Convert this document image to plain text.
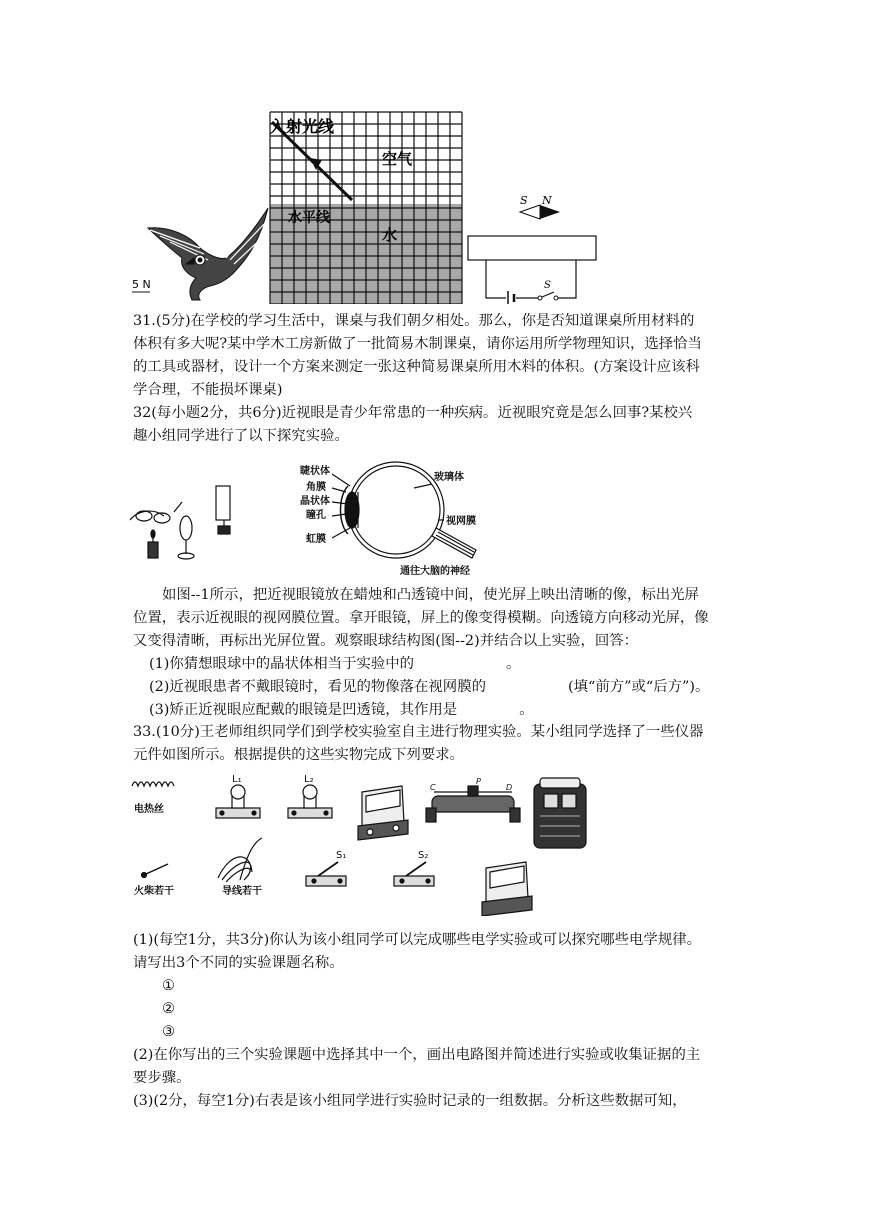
5 N
入射光线
空气
水平线
水
S N
S
31.(5分)在学校的学习生活中，课桌与我们朝夕相处。那么，你是否知道课桌所用材料的
体积有多大呢?某中学木工房新做了一批简易木制课桌，请你运用所学物理知识，选择恰当
的工具或器材，设计一个方案来测定一张这种简易课桌所用木料的体积。(方案设计应该科
学合理，不能损坏课桌)
32(每小题2分，共6分)近视眼是青少年常患的一种疾病。近视眼究竟是怎么回事?某校兴
趣小组同学进行了以下探究实验。
睫状体
角膜
晶状体
瞳孔
虹膜
玻璃体
视网膜
通往大脑的神经
如图--1所示，把近视眼镜放在蜡烛和凸透镜中间，使光屏上映出清晰的像，标出光屏
位置，表示近视眼的视网膜位置。拿开眼镜，屏上的像变得模糊。向透镜方向移动光屏，像
又变得清晰，再标出光屏位置。观察眼球结构图(图--2)并结合以上实验，回答：
(1)你猜想眼球中的晶状体相当于实验中的	。
(2)近视眼患者不戴眼镜时，看见的物像落在视网膜的	(填“前方”或“后方”)。
(3)矫正近视眼应配戴的眼镜是凹透镜，其作用是	。
33.(10分)王老师组织同学们到学校实验室自主进行物理实验。某小组同学选择了一些仪器
元件如图所示。根据提供的这些实物完成下列要求。
电热丝
L₁	L₂
C
P
D
火柴若干	导线若干
S₁	S₂
(1)(每空1分，共3分)你认为该小组同学可以完成哪些电学实验或可以探究哪些电学规律。
请写出3个不同的实验课题名称。
①
②
③
(2)在你写出的三个实验课题中选择其中一个，画出电路图并简述进行实验或收集证据的主
要步骤。
(3)(2分，每空1分)右表是该小组同学进行实验时记录的一组数据。分析这些数据可知，
